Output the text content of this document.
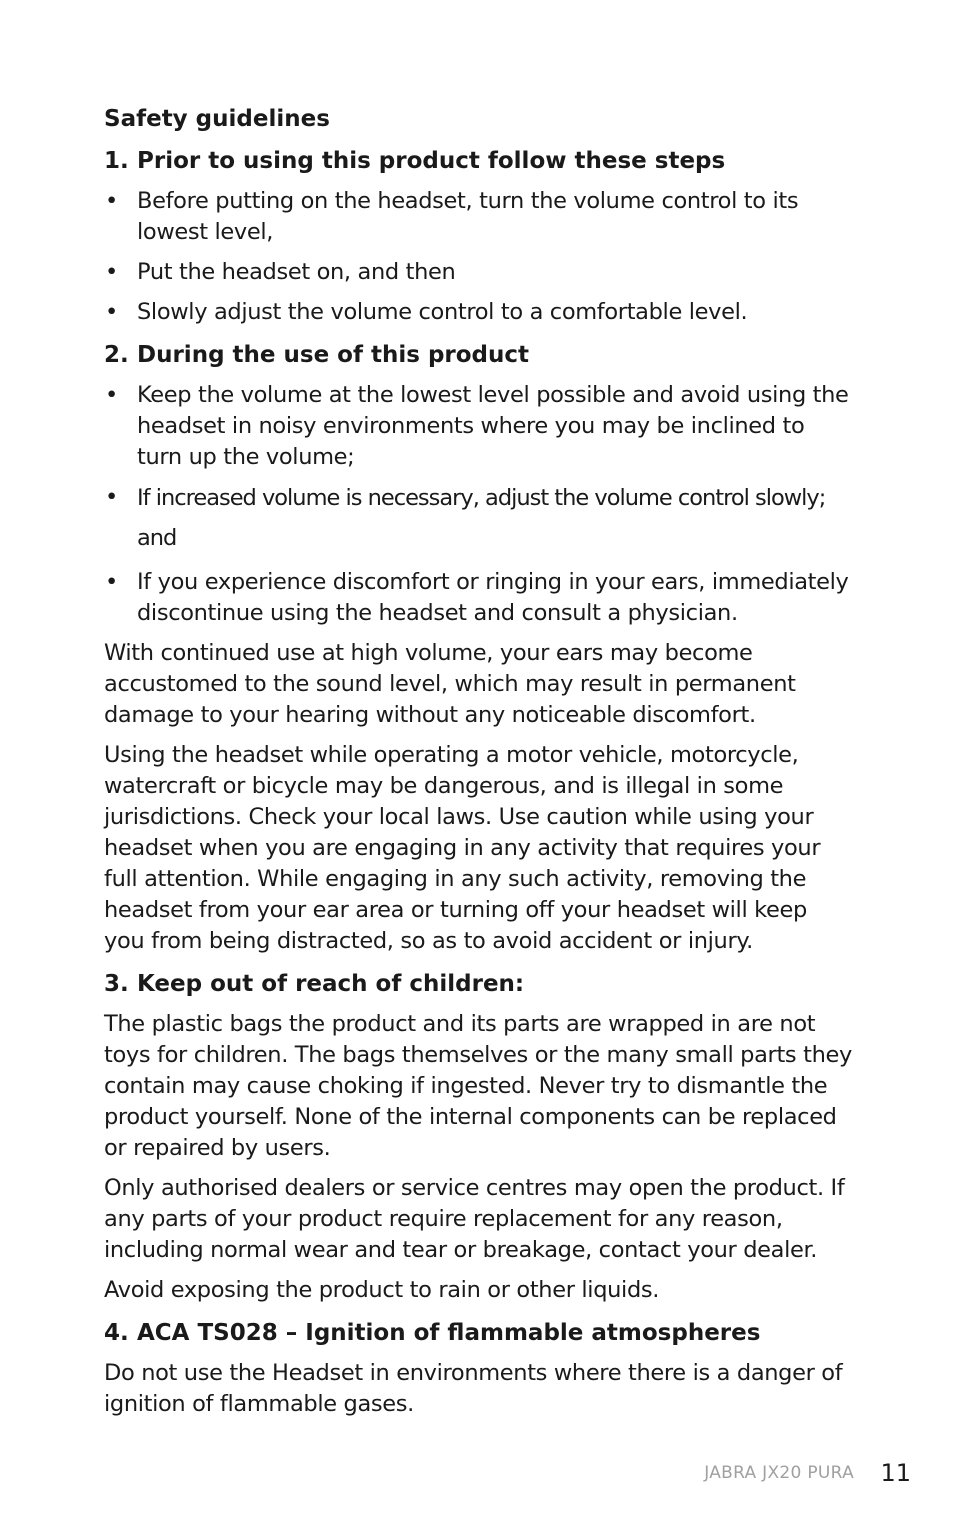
Safety guidelines
1. Prior to using this product follow these steps
• Before putting on the headset, turn the volume control to its lowest level,
• Put the headset on, and then
• Slowly adjust the volume control to a comfortable level.
2. During the use of this product
• Keep the volume at the lowest level possible and avoid using the headset in noisy environments where you may be inclined to turn up the volume;
• If increased volume is necessary, adjust the volume control slowly; and
• If you experience discomfort or ringing in your ears, immediately discontinue using the headset and consult a physician.

With continued use at high volume, your ears may become accustomed to the sound level, which may result in permanent damage to your hearing without any noticeable discomfort.

Using the headset while operating a motor vehicle, motorcycle, watercraft or bicycle may be dangerous, and is illegal in some jurisdictions. Check your local laws. Use caution while using your headset when you are engaging in any activity that requires your full attention. While engaging in any such activity, removing the headset from your ear area or turning off your headset will keep you from being distracted, so as to avoid accident or injury.

3. Keep out of reach of children:

The plastic bags the product and its parts are wrapped in are not toys for children. The bags themselves or the many small parts they contain may cause choking if ingested. Never try to dismantle the product yourself. None of the internal components can be replaced or repaired by users.

Only authorised dealers or service centres may open the product. If any parts of your product require replacement for any reason, including normal wear and tear or breakage, contact your dealer.

Avoid exposing the product to rain or other liquids.

4. ACA TS028 – Ignition of flammable atmospheres

Do not use the Headset in environments where there is a danger of ignition of flammable gases.

JABRA JX20 PURA 11
